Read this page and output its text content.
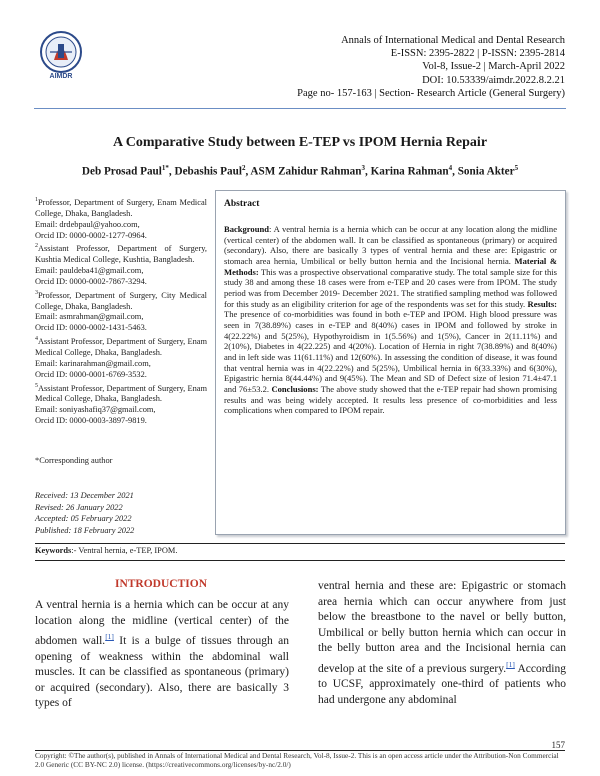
AIMDR
Annals of International Medical and Dental Research
E-ISSN: 2395-2822 | P-ISSN: 2395-2814
Vol-8, Issue-2 | March-April 2022
DOI: 10.53339/aimdr.2022.8.2.21
Page no- 157-163 | Section- Research Article (General Surgery)
A Comparative Study between E-TEP vs IPOM Hernia Repair
Deb Prosad Paul$^{1*}$, Debashis Paul$^2$, ASM Zahidur Rahman$^3$, Karina Rahman$^4$, Sonia Akter$^5$
$^1$Professor, Department of Surgery, Enam Medical College, Dhaka, Bangladesh.
Email: drdebpaul@yahoo.com,
Orcid ID: 0000-0002-1277-0964.
$^2$Assistant Professor, Department of Surgery, Kushtia Medical College, Kushtia, Bangladesh.
Email: pauldeba41@gmail.com,
Orcid ID: 0000-0002-7867-3294.
$^3$Professor, Department of Surgery, City Medical College, Dhaka, Bangladesh.
Email: asmrahman@gmail.com,
Orcid ID: 0000-0002-1431-5463.
$^4$Assistant Professor, Department of Surgery, Enam Medical College, Dhaka, Bangladesh.
Email: karinarahman@gmail.com,
Orcid ID: 0000-0001-6769-3532.
$^5$Assistant Professor, Department of Surgery, Enam Medical College, Dhaka, Bangladesh.
Email: soniyashafiq37@gmail.com,
Orcid ID: 0000-0003-3897-9819.
*Corresponding author
Received: 13 December 2021
Revised: 26 January 2022
Accepted: 05 February 2022
Published: 18 February 2022
Abstract
Background: A ventral hernia is a hernia which can be occur at any location along the midline (vertical center) of the abdomen wall. It can be classified as spontaneous (primary) or acquired (secondary). Also, there are basically 3 types of ventral hernia and these are: Epigastric or stomach area hernia, Umbilical or belly button hernia and the Incisional hernia. Material & Methods: This was a prospective observational comparative study. The total sample size for this study 38 and among these 18 cases were from e-TEP and 20 cases were from IPOM. The study period was from December 2019- December 2021. The stratified sampling method was followed for this study as an eligibility criterion for age of the respondents was set for this study. Results: The presence of co-morbidities was found in both e-TEP and IPOM. High blood pressure was seen in 7(38.89%) cases in e-TEP and 8(40%) cases in IPOM and followed by stroke in 4(22.22%) and 5(25%), Hypothyroidism in 1(5.56%) and 1(5%), Cancer in 2(11.11%) and 2(10%), Diabetes in 4(22.225) and 4(20%). Location of Hernia in right 7(38.89%) and 8(40%) and in left side was 11(61.11%) and 12(60%). In assessing the condition of disease, it was found that ventral hernia was in 4(22.22%) and 5(25%), Umbilical hernia in 6(33.33%) and 6(30%), Epigastric hernia 8(44.44%) and 9(45%). The Mean and SD of Defect size of lesion 71.4±47.1 and 76±53.2. Conclusions: The above study showed that the e-TEP repair had shown promising results and was being widely accepted. It results less presence of co-morbidities and less complications when compared to IPOM repair.
Keywords:- Ventral hernia, e-TEP, IPOM.
INTRODUCTION
A ventral hernia is a hernia which can be occur at any location along the midline (vertical center) of the abdomen wall.[1] It is a bulge of tissues through an opening of weakness within the abdominal wall muscles. It can be classified as spontaneous (primary) or acquired (secondary). Also, there are basically 3 types of
ventral hernia and these are: Epigastric or stomach area hernia which can occur anywhere from just below the breastbone to the navel or belly button, Umbilical or belly button hernia which can occur in the belly button area and the Incisional hernia can develop at the site of a previous surgery.[1] According to UCSF, approximately one-third of patients who had undergone any abdominal
157
Copyright: ©The author(s), published in Annals of International Medical and Dental Research, Vol-8, Issue-2. This is an open access article under the Attribution-Non Commercial 2.0 Generic (CC BY-NC 2.0) license. (https://creativecommons.org/licenses/by-nc/2.0/)
